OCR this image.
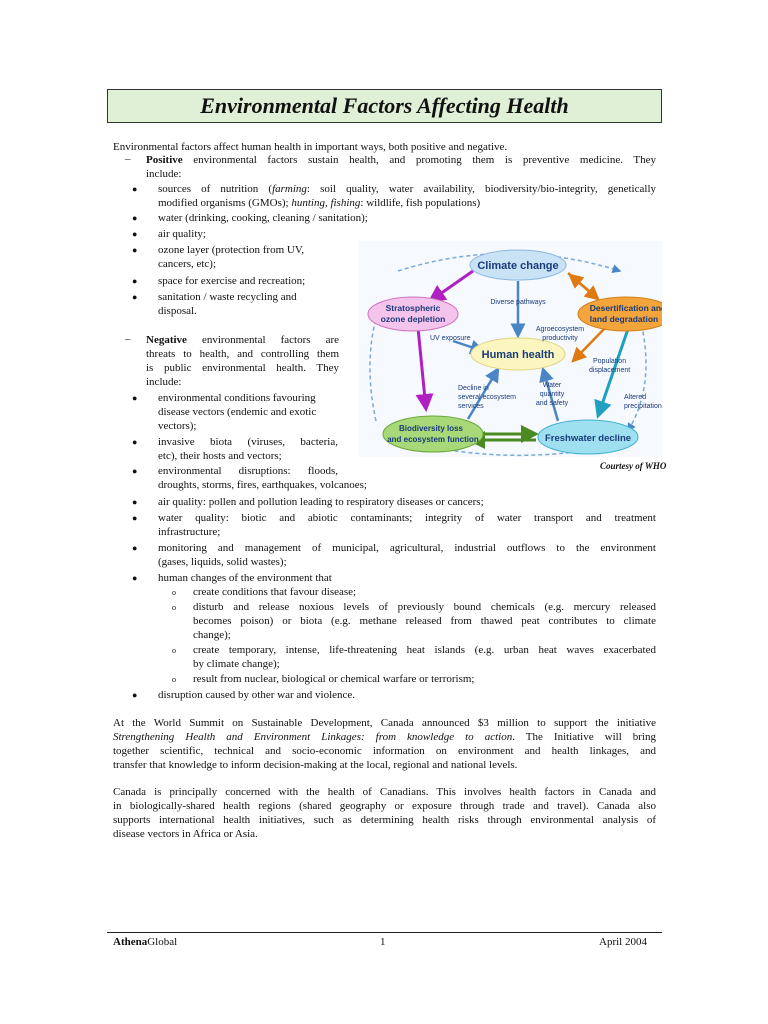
Environmental Factors Affecting Health

Environmental factors affect human health in important ways, both positive and negative.

– Positive environmental factors sustain health, and promoting them is preventive medicine. They

include:

● sources of nutrition (farming: soil quality, water availability, biodiversity/bio-integrity, genetically

modified organisms (GMOs); hunting, fishing: wildlife, fish populations)

● water (drinking, cooking, cleaning / sanitation);

● air quality;

● ozone layer (protection from UV,

cancers, etc);

● space for exercise and recreation;

● sanitation / waste recycling and

disposal.

– Negative environmental factors are

threats to health, and controlling them

is public environmental health. They

include:

● environmental conditions favouring

disease vectors (endemic and exotic

vectors);

● invasive biota (viruses, bacteria,

etc), their hosts and vectors;

● environmental disruptions: floods,

droughts, storms, fires, earthquakes, volcanoes;

● air quality: pollen and pollution leading to respiratory diseases or cancers;

● water quality: biotic and abiotic contaminants; integrity of water transport and treatment

infrastructure;

● monitoring and management of municipal, agricultural, industrial outflows to the environment

(gases, liquids, solid wastes);

● human changes of the environment that

o create conditions that favour disease;

o disturb and release noxious levels of previously bound chemicals (e.g. mercury released

becomes poison) or biota (e.g. methane released from thawed peat contributes to climate

change);

o create temporary, intense, life-threatening heat islands (e.g. urban heat waves exacerbated

by climate change);

o result from nuclear, biological or chemical warfare or terrorism;

● disruption caused by other war and violence.

At the World Summit on Sustainable Development, Canada announced $3 million to support the initiative

Strengthening Health and Environment Linkages: from knowledge to action. The Initiative will bring

together scientific, technical and socio-economic information on environment and health linkages, and

transfer that knowledge to inform decision-making at the local, regional and national levels.

Canada is principally concerned with the health of Canadians. This involves health factors in Canada and

in biologically-shared health regions (shared geography or exposure through trade and travel). Canada also

supports international health initiatives, such as determining health risks through environmental analysis of

disease vectors in Africa or Asia.

Climate change
Stratospheric
ozone depletion
Desertification and
land degradation
Human health
Biodiversity loss
and ecosystem function	Freshwater decline
Diverse pathways
UV exposure
Agroecosystem
productivity
Population
displacement
Decline in
several ecosystem
services
Water
quantity
and safety
Altered
precipitation
Courtesy of WHO
AthenaGlobal	1	April 2004
